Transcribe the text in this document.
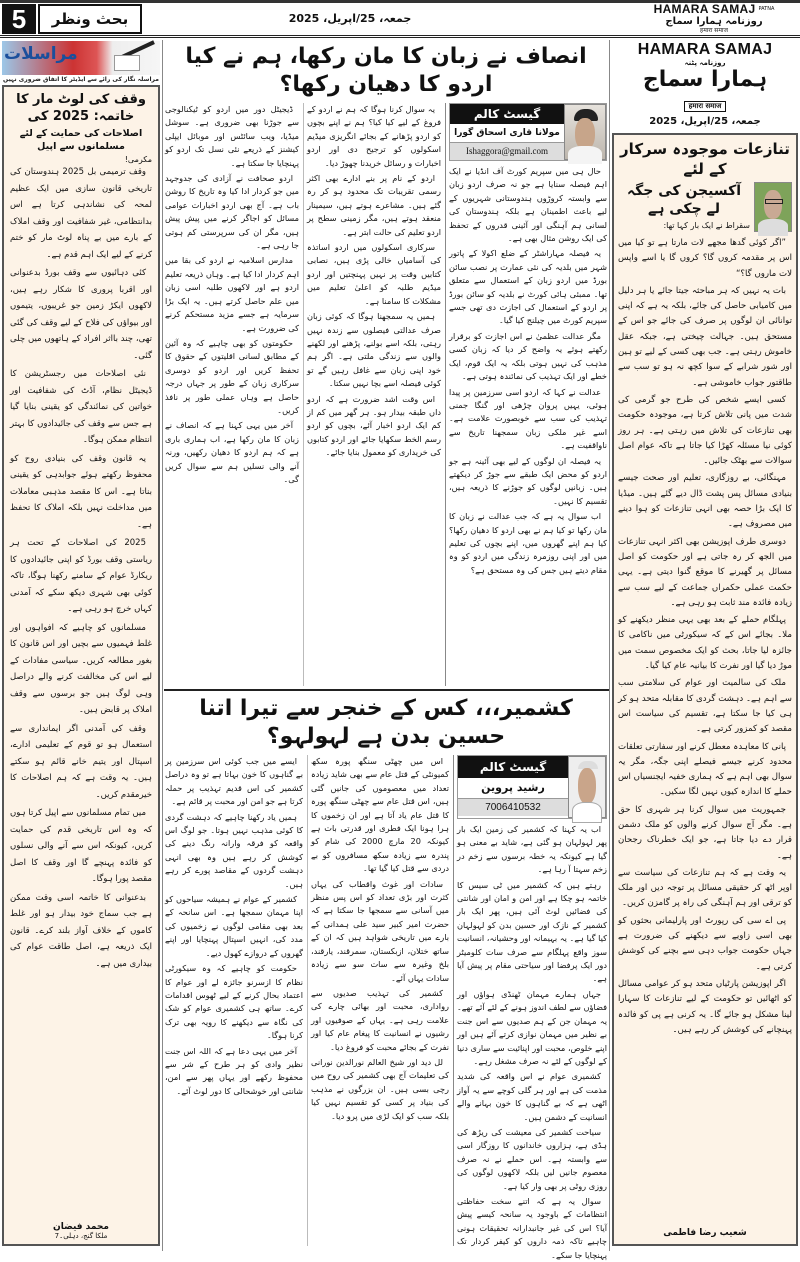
5	بحث ونظر	جمعہ، 25/اپریل، 2025
HAMARA SAMAJ PATNA
روزنامہ ہمارا سماج
हमारा समाज
مراسلات
مراسلہ نگار کی رائے سے ایڈیٹر کا اتفاق ضروری نہیں
وقف کی لوٹ مار کا خاتمہ: 2025 کی
اصلاحات کی حمایت کے لئے مسلمانوں سے اپیل
مکرمی!

وقف ترمیمی بل 2025 ہندوستان کی تاریخی قانون سازی میں ایک عظیم لمحہ کی نشاندہی کرتا ہے اس بدانتظامی، غیر شفافیت اور وقف املاک کے بارے میں بے پناہ لوٹ مار کو ختم کرنے کے لیے ایک اہم قدم ہے۔

کئی دہائیوں سے وقف بورڈ بدعنوانی اور اقربا پروری کا شکار رہے ہیں، لاکھوں ایکڑ زمین جو غریبوں، یتیموں اور بیواؤں کی فلاح کے لیے وقف کی گئی تھی، چند بااثر افراد کے ہاتھوں میں چلی گئی۔

نئی اصلاحات میں رجسٹریشن کا ڈیجیٹل نظام، آڈٹ کی شفافیت اور خواتین کی نمائندگی کو یقینی بنایا گیا ہے جس سے وقف کی جائیدادوں کا بہتر انتظام ممکن ہوگا۔

یہ قانون وقف کی بنیادی روح کو محفوظ رکھتے ہوئے جوابدہی کو یقینی بناتا ہے۔ اس کا مقصد مذہبی معاملات میں مداخلت نہیں بلکہ املاک کا تحفظ ہے۔

2025 کی اصلاحات کے تحت ہر ریاستی وقف بورڈ کو اپنی جائیدادوں کا ریکارڈ عوام کے سامنے رکھنا ہوگا، تاکہ کوئی بھی شہری دیکھ سکے کہ آمدنی کہاں خرچ ہو رہی ہے۔

مسلمانوں کو چاہیے کہ افواہوں اور غلط فہمیوں سے بچیں اور اس قانون کا بغور مطالعہ کریں۔ سیاسی مفادات کے لیے اس کی مخالفت کرنے والے دراصل وہی لوگ ہیں جو برسوں سے وقف املاک پر قابض ہیں۔

وقف کی آمدنی اگر ایمانداری سے استعمال ہو تو قوم کے تعلیمی ادارے، اسپتال اور یتیم خانے قائم ہو سکتے ہیں۔ یہ وقت ہے کہ ہم اصلاحات کا خیرمقدم کریں۔

میں تمام مسلمانوں سے اپیل کرتا ہوں کہ وہ اس تاریخی قدم کی حمایت کریں، کیونکہ اس سے آنے والی نسلوں کو فائدہ پہنچے گا اور وقف کا اصل مقصد پورا ہوگا۔

بدعنوانی کا خاتمہ اسی وقت ممکن ہے جب سماج خود بیدار ہو اور غلط کاموں کے خلاف آواز بلند کرے۔ قانون ایک ذریعہ ہے، اصل طاقت عوام کی بیداری میں ہے۔

محمد فیضان
ملکا گنج، دہلی۔7
انصاف نے زبان کا مان رکھا، ہم نے کیا اردو کا دھیان رکھا؟
گیسٹ کالم
مولانا قاری اسحاق گورا
Ishaggora@gmail.com

حال ہی میں سپریم کورٹ آف انڈیا نے ایک اہم فیصلہ سنایا ہے جو نہ صرف اردو زبان سے وابستہ کروڑوں ہندوستانی شہریوں کے لیے باعث اطمینان ہے بلکہ ہندوستان کی لسانی ہم آہنگی اور آئینی قدروں کے تحفظ کی ایک روشن مثال بھی ہے۔

یہ فیصلہ مہاراشٹر کے ضلع اکولا کے پاتور شہر میں بلدیہ کی نئی عمارت پر نصب سائن بورڈ میں اردو زبان کے استعمال سے متعلق تھا۔ ممبئی ہائی کورٹ نے بلدیہ کو سائن بورڈ پر اردو کے استعمال کی اجازت دی تھی جسے سپریم کورٹ میں چیلنج کیا گیا۔

مگر عدالت عظمیٰ نے اس اجازت کو برقرار رکھتے ہوئے یہ واضح کر دیا کہ زبان کسی مذہب کی نہیں ہوتی بلکہ یہ ایک قوم، ایک خطے اور ایک تہذیب کی نمائندہ ہوتی ہے۔

عدالت نے کہا کہ اردو اسی سرزمین پر پیدا ہوئی، یہیں پروان چڑھی اور گنگا جمنی تہذیب کی سب سے خوبصورت علامت ہے۔ اسے غیر ملکی زبان سمجھنا تاریخ سے ناواقفیت ہے۔

یہ فیصلہ ان لوگوں کے لیے بھی آئینہ ہے جو اردو کو محض ایک طبقے سے جوڑ کر دیکھتے ہیں۔ زبانیں لوگوں کو جوڑنے کا ذریعہ ہیں، تقسیم کا نہیں۔

اب سوال یہ ہے کہ جب عدالت نے زبان کا مان رکھا تو کیا ہم نے بھی اردو کا دھیان رکھا؟ کیا ہم اپنے گھروں میں، اپنے بچوں کی تعلیم میں اور اپنی روزمرہ زندگی میں اردو کو وہ مقام دیتے ہیں جس کی وہ مستحق ہے؟

یہ سوال کرنا ہوگا کہ ہم نے اردو کے فروغ کے لیے کیا کیا؟ ہم نے اپنے بچوں کو اردو پڑھانے کے بجائے انگریزی میڈیم اسکولوں کو ترجیح دی اور اردو اخبارات و رسائل خریدنا چھوڑ دیا۔

اردو کے نام پر بنے ادارے بھی اکثر رسمی تقریبات تک محدود ہو کر رہ گئے ہیں۔ مشاعرے ہوتے ہیں، سیمینار منعقد ہوتے ہیں، مگر زمینی سطح پر اردو تعلیم کی حالت ابتر ہے۔

سرکاری اسکولوں میں اردو اساتذہ کی آسامیاں خالی پڑی ہیں، نصابی کتابیں وقت پر نہیں پہنچتیں اور اردو میڈیم طلبہ کو اعلیٰ تعلیم میں مشکلات کا سامنا ہے۔

ہمیں یہ سمجھنا ہوگا کہ کوئی زبان صرف عدالتی فیصلوں سے زندہ نہیں رہتی، بلکہ اسے بولنے، پڑھنے اور لکھنے والوں سے زندگی ملتی ہے۔ اگر ہم خود اپنی زبان سے غافل رہیں گے تو کوئی فیصلہ اسے بچا نہیں سکتا۔

اس وقت اشد ضرورت ہے کہ اردو داں طبقہ بیدار ہو۔ ہر گھر میں کم از کم ایک اردو اخبار آئے، بچوں کو اردو رسم الخط سکھایا جائے اور اردو کتابوں کی خریداری کو معمول بنایا جائے۔

ڈیجیٹل دور میں اردو کو ٹیکنالوجی سے جوڑنا بھی ضروری ہے۔ سوشل میڈیا، ویب سائٹس اور موبائل ایپلی کیشنز کے ذریعے نئی نسل تک اردو کو پہنچایا جا سکتا ہے۔

اردو صحافت نے آزادی کی جدوجہد میں جو کردار ادا کیا وہ تاریخ کا روشن باب ہے۔ آج بھی اردو اخبارات عوامی مسائل کو اجاگر کرنے میں پیش پیش ہیں، مگر ان کی سرپرستی کم ہوتی جا رہی ہے۔

مدارس اسلامیہ نے اردو کی بقا میں اہم کردار ادا کیا ہے۔ وہاں ذریعہ تعلیم اردو ہے اور لاکھوں طلبہ اسی زبان میں علم حاصل کرتے ہیں۔ یہ ایک بڑا سرمایہ ہے جسے مزید مستحکم کرنے کی ضرورت ہے۔

حکومتوں کو بھی چاہیے کہ وہ آئین کے مطابق لسانی اقلیتوں کے حقوق کا تحفظ کریں اور اردو کو دوسری سرکاری زبان کے طور پر جہاں درجہ حاصل ہے وہاں عملی طور پر نافذ کریں۔

آخر میں یہی کہنا ہے کہ انصاف نے زبان کا مان رکھا ہے، اب ہماری باری ہے کہ ہم اردو کا دھیان رکھیں، ورنہ آنے والی نسلیں ہم سے سوال کریں گی۔

کشمیر،،، کس کے خنجر سے تیرا اتنا حسین بدن ہے لہولہو؟
گیسٹ کالم
رشید پروین
7006410532

اب یہ کہنا کہ کشمیر کی زمین ایک بار پھر لہولہان ہو گئی ہے، شاید بے معنی ہو گیا ہے کیونکہ یہ خطہ برسوں سے زخم در زخم سہتا آ رہا ہے۔

رہتے ہیں کہ کشمیر میں ٹی سیس کا خاتمہ ہو چکا ہے اور امن و امان اور شانتی کی فضائیں لوٹ آئی ہیں، پھر ایک بار کشمیر کے نازک اور حسین بدن کو لہولہان کیا گیا ہے۔ یہ بہیمانہ اور وحشیانہ، انسانیت سوز واقع پہلگام سے صرف سات کلومیٹر دور ایک پرفضا اور سیاحتی مقام پر پیش آیا ہے۔

جہاں ہمارے مہمان ٹھنڈی ہواؤں اور فضاؤں سے لطف اندوز ہونے کے لئے آئے تھے۔ یہ مہمان جن کے ہم صدیوں سے اس جنت بے نظیر میں مہمان نوازی کرتے آئے ہیں اور اپنے خلوص، محبت اور اپنائیت سے ساری دنیا کے لوگوں کے لئے نہ صرف مشغل رہے۔

کشمیری عوام نے اس واقعہ کی شدید مذمت کی ہے اور ہر گلی کوچے سے یہ آواز اٹھی ہے کہ بے گناہوں کا خون بہانے والے انسانیت کے دشمن ہیں۔

سیاحت کشمیر کی معیشت کی ریڑھ کی ہڈی ہے، ہزاروں خاندانوں کا روزگار اسی سے وابستہ ہے۔ اس حملے نے نہ صرف معصوم جانیں لیں بلکہ لاکھوں لوگوں کی روزی روٹی پر بھی وار کیا ہے۔

سوال یہ ہے کہ اتنے سخت حفاظتی انتظامات کے باوجود یہ سانحہ کیسے پیش آیا؟ اس کی غیر جانبدارانہ تحقیقات ہونی چاہیے تاکہ ذمہ داروں کو کیفر کردار تک پہنچایا جا سکے۔

اس میں چھٹی سنگھ پورہ سکھ کمیونٹی کے قتل عام سے بھی شاید زیادہ تعداد میں معصوموں کی جانیں گئی ہیں، اس قتل عام سے چھٹی سنگھ پورہ کا قتل عام یاد آتا ہے اور ان زخموں کا ہرا ہونا ایک فطری اور قدرتی بات ہے کیونکہ 20 مارچ 2000 کی شام کو پندرہ سے زیادہ سکھ مسافروں کو بے دردی سے قتل کیا گیا تھا۔

سادات اور غوث واقطاب کی یہاں کثرت اور بڑی تعداد کو اس پس منظر میں آسانی سے سمجھا جا سکتا ہے کہ حضرت امیر کبیر سید علی ہمدانی کے بارے میں تاریخی شواہد ہیں کہ ان کے ساتھ ختلان، ازبکستان، سمرقند، یارقند، بلخ وغیرہ سے سات سو سے زیادہ سادات یہاں آئے۔

کشمیر کی تہذیب صدیوں سے رواداری، محبت اور بھائی چارے کی علامت رہی ہے۔ یہاں کے صوفیوں اور رشیوں نے انسانیت کا پیغام عام کیا اور نفرت کے بجائے محبت کو فروغ دیا۔

لل دید اور شیخ العالم نورالدین نورانی کی تعلیمات آج بھی کشمیر کی روح میں رچی بسی ہیں۔ ان بزرگوں نے مذہب کی بنیاد پر کسی کو تقسیم نہیں کیا بلکہ سب کو ایک لڑی میں پرو دیا۔

ایسے میں جب کوئی اس سرزمین پر بے گناہوں کا خون بہاتا ہے تو وہ دراصل کشمیر کی اس قدیم تہذیب پر حملہ کرتا ہے جو امن اور محبت پر قائم ہے۔

ہمیں یاد رکھنا چاہیے کہ دہشت گردی کا کوئی مذہب نہیں ہوتا۔ جو لوگ اس واقعہ کو فرقہ وارانہ رنگ دینے کی کوشش کر رہے ہیں وہ بھی انہی دہشت گردوں کے مقاصد پورے کر رہے ہیں۔

کشمیر کے عوام نے ہمیشہ سیاحوں کو اپنا مہمان سمجھا ہے۔ اس سانحہ کے بعد بھی مقامی لوگوں نے زخمیوں کی مدد کی، انہیں اسپتال پہنچایا اور اپنے گھروں کے دروازے کھول دیے۔

حکومت کو چاہیے کہ وہ سیکورٹی نظام کا ازسرنو جائزہ لے اور عوام کا اعتماد بحال کرنے کے لیے ٹھوس اقدامات کرے۔ ساتھ ہی کشمیری عوام کو شک کی نگاہ سے دیکھنے کا رویہ بھی ترک کرنا ہوگا۔

آخر میں یہی دعا ہے کہ اللہ اس جنت نظیر وادی کو ہر طرح کے شر سے محفوظ رکھے اور یہاں پھر سے امن، شانتی اور خوشحالی کا دور لوٹ آئے۔

HAMARA SAMAJ
روزنامہ پٹنہ
ہمارا سماج
हमारा समाज
جمعہ، 25/اپریل، 2025
تنازعات موجودہ سرکار کے لئے
آکسیجن کی جگہ لے چکی ہے
سقراط نے ایک بار کہا تھا:

”اگر کوئی گدھا مجھے لات مارتا ہے تو کیا میں اس پر مقدمہ کروں گا؟ کروں گا یا اسے واپس لات ماروں گا؟“

بات یہ نہیں کہ ہر مباحثہ جیتا جائے یا ہر دلیل میں کامیابی حاصل کی جائے، بلکہ یہ ہے کہ اپنی توانائی ان لوگوں پر صرف کی جائے جو اس کے مستحق ہیں۔ جہالت چیختی ہے، جبکہ عقل خاموش رہتی ہے۔ جب بھی کسی کے لیے تو ہین اور شور شرابے کے سوا کچھ نہ ہو تو سب سے طاقتور جواب خاموشی ہے۔

کسی ایسے شخص کی طرح جو گرمی کی شدت میں پانی تلاش کرتا ہے، موجودہ حکومت بھی تنازعات کی تلاش میں رہتی ہے۔ ہر روز کوئی نیا مسئلہ کھڑا کیا جاتا ہے تاکہ عوام اصل سوالات سے بھٹک جائیں۔

مہنگائی، بے روزگاری، تعلیم اور صحت جیسے بنیادی مسائل پس پشت ڈال دیے گئے ہیں۔ میڈیا کا ایک بڑا حصہ بھی انہی تنازعات کو ہوا دینے میں مصروف ہے۔

دوسری طرف اپوزیشن بھی اکثر انہی تنازعات میں الجھ کر رہ جاتی ہے اور حکومت کو اصل مسائل پر گھیرنے کا موقع گنوا دیتی ہے۔ یہی حکمت عملی حکمراں جماعت کے لیے سب سے زیادہ فائدہ مند ثابت ہو رہی ہے۔

پہلگام حملے کے بعد بھی یہی منظر دیکھنے کو ملا۔ بجائے اس کے کہ سیکورٹی میں ناکامی کا جائزہ لیا جاتا، بحث کو ایک مخصوص سمت میں موڑ دیا گیا اور نفرت کا بیانیہ عام کیا گیا۔

ملک کی سالمیت اور عوام کی سلامتی سب سے اہم ہے۔ دہشت گردی کا مقابلہ متحد ہو کر ہی کیا جا سکتا ہے، تقسیم کی سیاست اس مقصد کو کمزور کرتی ہے۔

پانی کا معاہدہ معطل کرنے اور سفارتی تعلقات محدود کرنے جیسے فیصلے اپنی جگہ، مگر یہ سوال بھی اہم ہے کہ ہماری خفیہ ایجنسیاں اس حملے کا اندازہ کیوں نہیں لگا سکیں۔

جمہوریت میں سوال کرنا ہر شہری کا حق ہے۔ مگر آج سوال کرنے والوں کو ملک دشمن قرار دے دیا جاتا ہے، جو ایک خطرناک رجحان ہے۔

یہ وقت ہے کہ ہم تنازعات کی سیاست سے اوپر اٹھ کر حقیقی مسائل پر توجہ دیں اور ملک کو ترقی اور ہم آہنگی کی راہ پر گامزن کریں۔

پی اے سی کی رپورٹ اور پارلیمانی بحثوں کو بھی اسی زاویے سے دیکھنے کی ضرورت ہے جہاں حکومت جواب دہی سے بچنے کی کوشش کرتی ہے۔

اگر اپوزیشن پارٹیاں متحد ہو کر عوامی مسائل کو اٹھائیں تو حکومت کے لیے تنازعات کا سہارا لینا مشکل ہو جائے گا۔ یہ کرنی ہے پی کو فائدہ پہنچانے کی کوشش کر رہے ہیں۔

شعیب رضا فاطمی
